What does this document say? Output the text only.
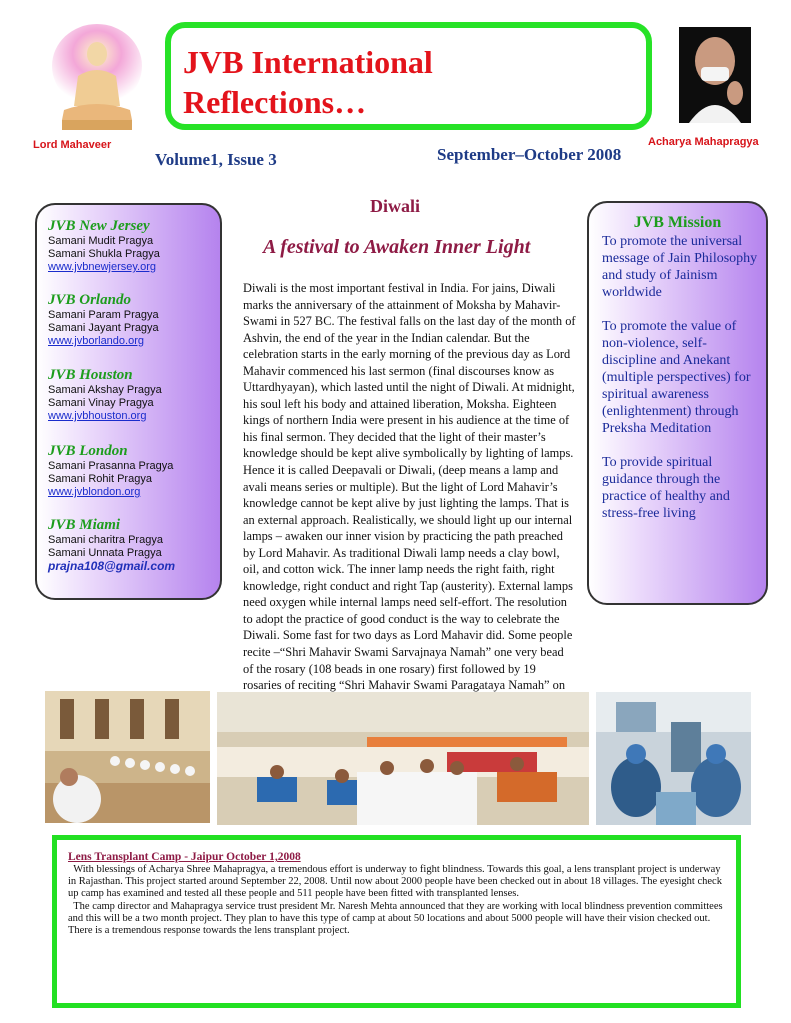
Lord Mahaveer
JVB International
Reflections…
Acharya Mahapragya
Volume1, Issue 3	September–October 2008
JVB New Jersey
Samani Mudit Pragya
Samani Shukla Pragya
www.jvbnewjersey.org
JVB Orlando
Samani Param Pragya
Samani Jayant Pragya
www.jvborlando.org
JVB Houston
Samani Akshay Pragya
Samani Vinay Pragya
www.jvbhouston.org
JVB London
Samani Prasanna Pragya
Samani Rohit Pragya
www.jvblondon.org
JVB Miami
Samani charitra Pragya
Samani Unnata Pragya
prajna108@gmail.com
Diwali
A festival to Awaken Inner Light
Diwali is the most important festival in India. For jains, Diwali marks the anniversary of the attainment of Moksha by Mahavir-Swami in 527 BC. The festival falls on the last day of the month of Ashvin, the end of the year in the Indian calendar. But the celebration starts in the early morning of the previous day as Lord Mahavir commenced his last sermon (final discourses know as Uttardhyayan), which lasted until the night of Diwali. At midnight, his soul left his body and attained liberation, Moksha. Eighteen kings of northern India were present in his audience at the time of his final sermon. They decided that the light of their master’s knowledge should be kept alive symbolically by lighting of lamps. Hence it is called Deepavali or Diwali, (deep means a lamp and avali means series or multiple). But the light of Lord Mahavir’s knowledge cannot be kept alive by just lighting the lamps. That is an external approach. Realistically, we should light up our internal lamps – awaken our inner vision by practicing the path preached by Lord Mahavir. As traditional Diwali lamp needs a clay bowl, oil, and cotton wick. The inner lamp needs the right faith, right knowledge, right conduct and right Tap (austerity). External lamps need oxygen while internal lamps need self-effort. The resolution to adopt the practice of good conduct is the way to celebrate the Diwali. Some fast for two days as Lord Mahavir did. Some people recite –“Shri Mahavir Swami Sarvajnaya Namah” one very bead of the rosary (108 beads in one rosary) first followed by 19 rosaries of reciting “Shri Mahavir Swami Paragataya Namah” on
JVB Mission

To promote the universal message of Jain Philosophy and study of Jainism worldwide

To promote the value of non-violence, self-discipline and Anekant (multiple perspectives) for spiritual awareness (enlightenment) through Preksha Meditation

To provide spiritual guidance through the practice of healthy and stress-free living

Lens Transplant Camp - Jaipur October 1,2008

With blessings of Acharya Shree Mahapragya, a tremendous effort is underway to fight blindness. Towards this goal, a lens transplant project is underway in Rajasthan. This project started around September 22, 2008. Until now about 2000 people have been checked out in about 18 villages. The eyesight check up camp has examined and tested all these people and 511 people have been fitted with transplanted lenses.

The camp director and Mahapragya service trust president Mr. Naresh Mehta announced that they are working with local blindness prevention committees and this will be a two month project. They plan to have this type of camp at about 50 locations and about 5000 people will have their vision checked out. There is a tremendous response towards the lens transplant project.
